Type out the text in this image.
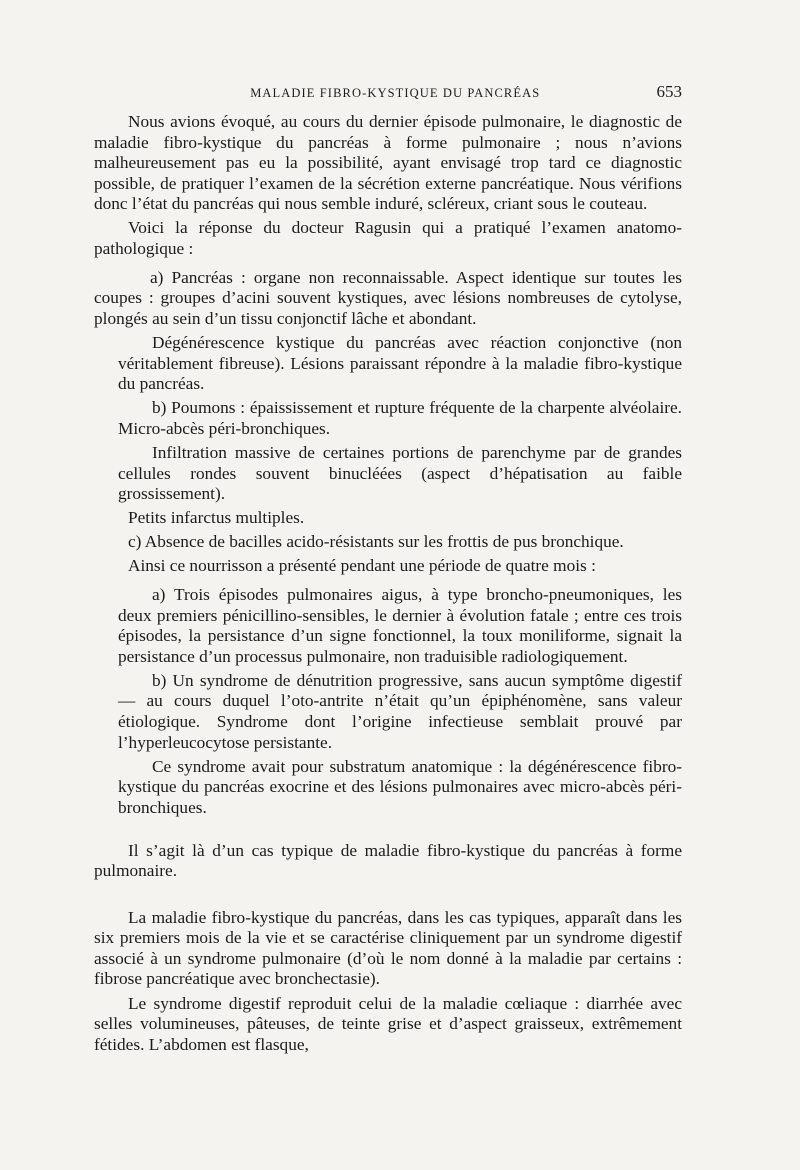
MALADIE FIBRO-KYSTIQUE DU PANCRÉAS	653

Nous avions évoqué, au cours du dernier épisode pulmonaire, le diagnostic de maladie fibro-kystique du pancréas à forme pulmonaire ; nous n’avions malheureusement pas eu la possibilité, ayant envisagé trop tard ce diagnostic possible, de pratiquer l’examen de la sécrétion externe pancréatique. Nous vérifions donc l’état du pancréas qui nous semble induré, scléreux, criant sous le couteau.

Voici la réponse du docteur Ragusin qui a pratiqué l’examen anatomo-pathologique :

a) Pancréas : organe non reconnaissable. Aspect identique sur toutes les coupes : groupes d’acini souvent kystiques, avec lésions nombreuses de cytolyse, plongés au sein d’un tissu conjonctif lâche et abondant.

Dégénérescence kystique du pancréas avec réaction conjonctive (non véritablement fibreuse). Lésions paraissant répondre à la maladie fibro-kystique du pancréas.

b) Poumons : épaississement et rupture fréquente de la charpente alvéolaire. Micro-abcès péri-bronchiques.

Infiltration massive de certaines portions de parenchyme par de grandes cellules rondes souvent binucléées (aspect d’hépatisation au faible grossissement).

Petits infarctus multiples.

c) Absence de bacilles acido-résistants sur les frottis de pus bronchique.

Ainsi ce nourrisson a présenté pendant une période de quatre mois :

a) Trois épisodes pulmonaires aigus, à type broncho-pneumoniques, les deux premiers pénicillino-sensibles, le dernier à évolution fatale ; entre ces trois épisodes, la persistance d’un signe fonctionnel, la toux moniliforme, signait la persistance d’un processus pulmonaire, non traduisible radiologiquement.

b) Un syndrome de dénutrition progressive, sans aucun symptôme digestif — au cours duquel l’oto-antrite n’était qu’un épiphénomène, sans valeur étiologique. Syndrome dont l’origine infectieuse semblait prouvé par l’hyperleucocytose persistante.

Ce syndrome avait pour substratum anatomique : la dégénérescence fibro-kystique du pancréas exocrine et des lésions pulmonaires avec micro-abcès péri-bronchiques.

Il s’agit là d’un cas typique de maladie fibro-kystique du pancréas à forme pulmonaire.

La maladie fibro-kystique du pancréas, dans les cas typiques, apparaît dans les six premiers mois de la vie et se caractérise cliniquement par un syndrome digestif associé à un syndrome pulmonaire (d’où le nom donné à la maladie par certains : fibrose pancréatique avec bronchectasie).

Le syndrome digestif reproduit celui de la maladie cœliaque : diarrhée avec selles volumineuses, pâteuses, de teinte grise et d’aspect graisseux, extrêmement fétides. L’abdomen est flasque,
